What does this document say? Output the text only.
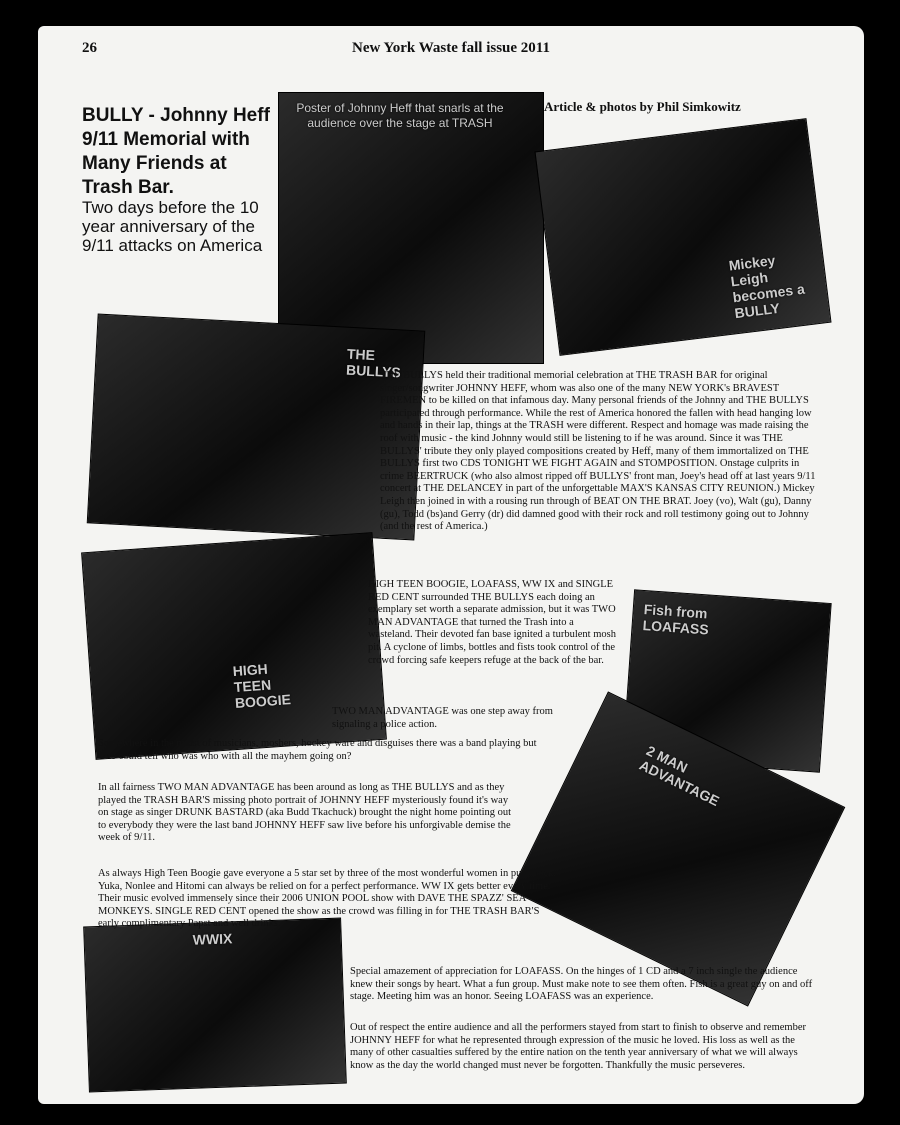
26	New York Waste fall issue 2011
BULLY - Johnny Heff 9/11 Memorial with Many Friends at Trash Bar.
Two days before the 10 year anniversary of the 9/11 attacks on America
Article & photos by Phil Simkowitz
Poster of Johnny Heff that snarls at the audience over the stage at TRASH
Mickey Leigh becomes a BULLY
THE BULLYS
HIGH TEEN BOOGIE
Fish from LOAFASS
2 MAN ADVANTAGE
WWIX

THE BULLYS held their traditional memorial celebration at THE TRASH BAR for original singer/songwriter JOHNNY HEFF, whom was also one of the many NEW YORK's BRAVEST FIREMEN to be killed on that infamous day. Many personal friends of the Johnny and THE BULLYS participated through performance. While the rest of America honored the fallen with head hanging low and hands in their lap, things at the TRASH were different. Respect and homage was made raising the roof with music - the kind Johnny would still be listening to if he was around. Since it was THE BULLYS' tribute they only played compositions created by Heff, many of them immortalized on THE BULLYS first two CDS TONIGHT WE FIGHT AGAIN and STOMPOSITION. Onstage culprits in crime BEERTRUCK (who also almost ripped off BULLYS' front man, Joey's head off at last years 9/11 concert at THE DELANCEY in part of the unforgettable MAX'S KANSAS CITY REUNION.) Mickey Leigh then joined in with a rousing run through of BEAT ON THE BRAT. Joey (vo), Walt (gu), Danny (gu), Todd (bs)and Gerry (dr) did damned good with their rock and roll testimony going out to Johnny (and the rest of America.)

HIGH TEEN BOOGIE, LOAFASS, WW IX and SINGLE RED CENT surrounded THE BULLYS each doing an exemplary set worth a separate admission, but it was TWO MAN ADVANTAGE that turned the Trash into a wasteland. Their devoted fan base ignited a turbulent mosh pit. A cyclone of limbs, bottles and fists took control of the crowd forcing safe keepers refuge at the back of the bar.

TWO MAN ADVANTAGE was one step away from signaling a police action.

Somewhere in the midst of musicians, moshers, hockey ware and disguises there was a band playing but who could tell who was who with all the mayhem going on?

In all fairness TWO MAN ADVANTAGE has been around as long as THE BULLYS and as they played the TRASH BAR'S missing photo portrait of JOHNNY HEFF mysteriously found it's way on stage as singer DRUNK BASTARD (aka Budd Tkachuck) brought the night home pointing out to everybody they were the last band JOHNNY HEFF saw live before his unforgivable demise the week of 9/11.

As always High Teen Boogie gave everyone a 5 star set by three of the most wonderful women in punk rock. Yuka, Nonlee and Hitomi can always be relied on for a perfect performance. WW IX gets better every time. Their music evolved immensely since their 2006 UNION POOL show with DAVE THE SPAZZ' SEA MONKEYS. SINGLE RED CENT opened the show as the crowd was filling in for THE TRASH BAR'S early complimentary Papst and well drinks.

Special amazement of appreciation for LOAFASS. On the hinges of 1 CD and a 7 inch single the audience knew their songs by heart. What a fun group. Must make note to see them often. Fish is a great guy on and off stage. Meeting him was an honor. Seeing LOAFASS was an experience.

Out of respect the entire audience and all the performers stayed from start to finish to observe and remember JOHNNY HEFF for what he represented through expression of the music he loved. His loss as well as the many of other casualties suffered by the entire nation on the tenth year anniversary of what we will always know as the day the world changed must never be forgotten. Thankfully the music perseveres.
